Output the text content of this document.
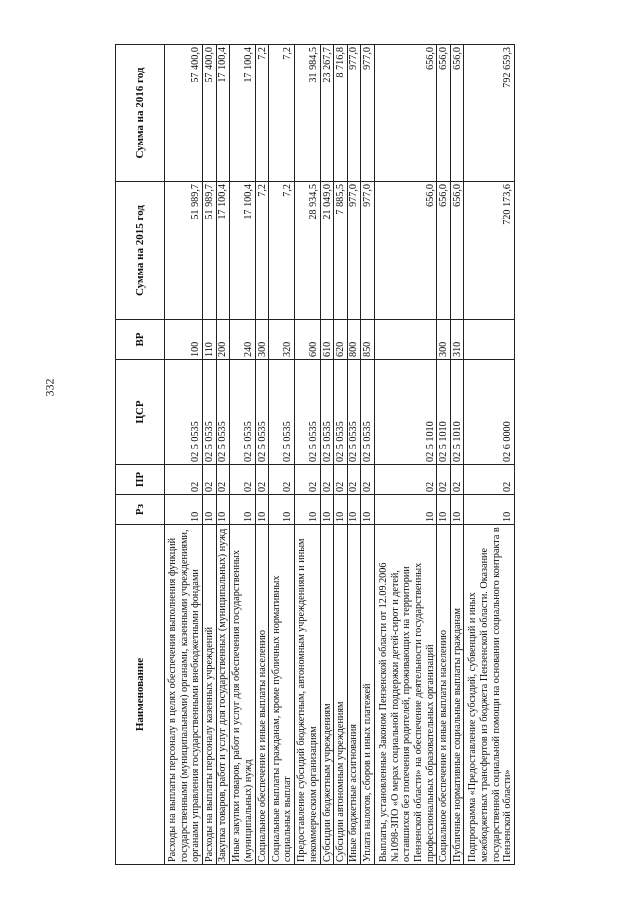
332
Наименование	Рз	ПР	ЦСР	ВР	Сумма на 2015 год	Сумма на 2016 год
Расходы на выплаты персоналу в целях обеспечения выполнения функций государственными (муниципальными) органами, казенными учреждениями, органами управления государственными внебюджетными фондами	10	02	02 5 0535	100	51 989,7	57 400,0
Расходы на выплаты персоналу казенных учреждений	10	02	02 5 0535	110	51 989,7	57 400,0
Закупка товаров, работ и услуг для государственных (муниципальных) нужд	10	02	02 5 0535	200	17 100,4	17 100,4
Иные закупки товаров, работ и услуг для обеспечения государственных (муниципальных) нужд	10	02	02 5 0535	240	17 100,4	17 100,4
Социальное обеспечение и иные выплаты населению	10	02	02 5 0535	300	7,2	7,2
Социальные выплаты гражданам, кроме публичных нормативных социальных выплат	10	02	02 5 0535	320	7,2	7,2
Предоставление субсидий бюджетным, автономным учреждениям и иным некоммерческим организациям	10	02	02 5 0535	600	28 934,5	31 984,5
Субсидии бюджетным учреждениям	10	02	02 5 0535	610	21 049,0	23 267,7
Субсидии автономным учреждениям	10	02	02 5 0535	620	7 885,5	8 716,8
Иные бюджетные ассигнования	10	02	02 5 0535	800	977,0	977,0
Уплата налогов, сборов и иных платежей	10	02	02 5 0535	850	977,0	977,0
Выплаты, установленные Законом Пензенской области от 12.09.2006 №1098-ЗПО «О мерах социальной поддержки детей-сирот и детей, оставшихся без попечения родителей, проживающих на территории Пензенской области» на обеспечение деятельности государственных профессиональных образовательных организаций	10	02	02 5 1010		656,0	656,0
Социальное обеспечение и иные выплаты населению	10	02	02 5 1010	300	656,0	656,0
Публичные нормативные социальные выплаты гражданам	10	02	02 5 1010	310	656,0	656,0
Подпрограмма «Предоставление субсидий, субвенций и иных межбюджетных трансфертов из бюджета Пензенской области. Оказание государственной социальной помощи на основании социального контракта в Пензенской области»	10	02	02 6 0000		720 173,6	792 659,3
